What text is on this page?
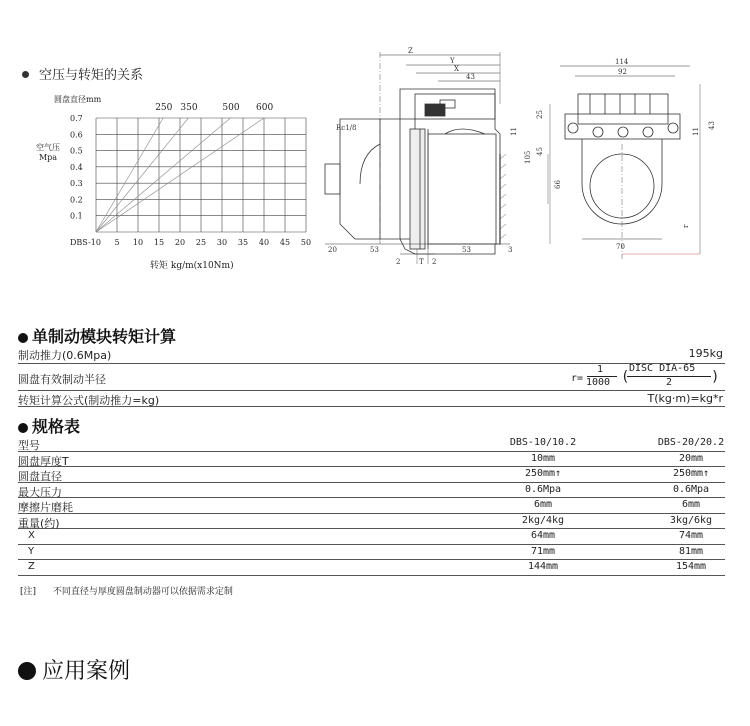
空压与转矩的关系
圆盘直径mm
空气压
Mpa
转矩 kg/m(x10Nm)
250 350	500 600
0.7
0.6
0.5
0.4
0.3
0.2
0.1
DBS-10 5 10 15 20 25 30 35 40 45 50
Z
Y
X
43
Rc1/8
20	53	53	3
2	T 2
114
92
11
25
105 45
66
43
11
70
r
单制动模块转矩计算
制动推力(0.6Mpa)	195kg
圆盘有效制动半径	r=
1
1000 (
DISC DIA-65
2	)
转矩计算公式(制动推力=kg)	T(kg·m)=kg*r
规格表
型号	DBS-10/10.2	DBS-20/20.2
圆盘厚度T	10mm	20mm
圆盘直径	250mm↑	250mm↑
最大压力	0.6Mpa	0.6Mpa
摩擦片磨耗	6mm	6mm
重量(约)	2kg/4kg	3kg/6kg
X	64mm	74mm
Y	71mm	81mm
Z	144mm	154mm
[注] 不同直径与厚度圆盘制动器可以依据需求定制
应用案例
